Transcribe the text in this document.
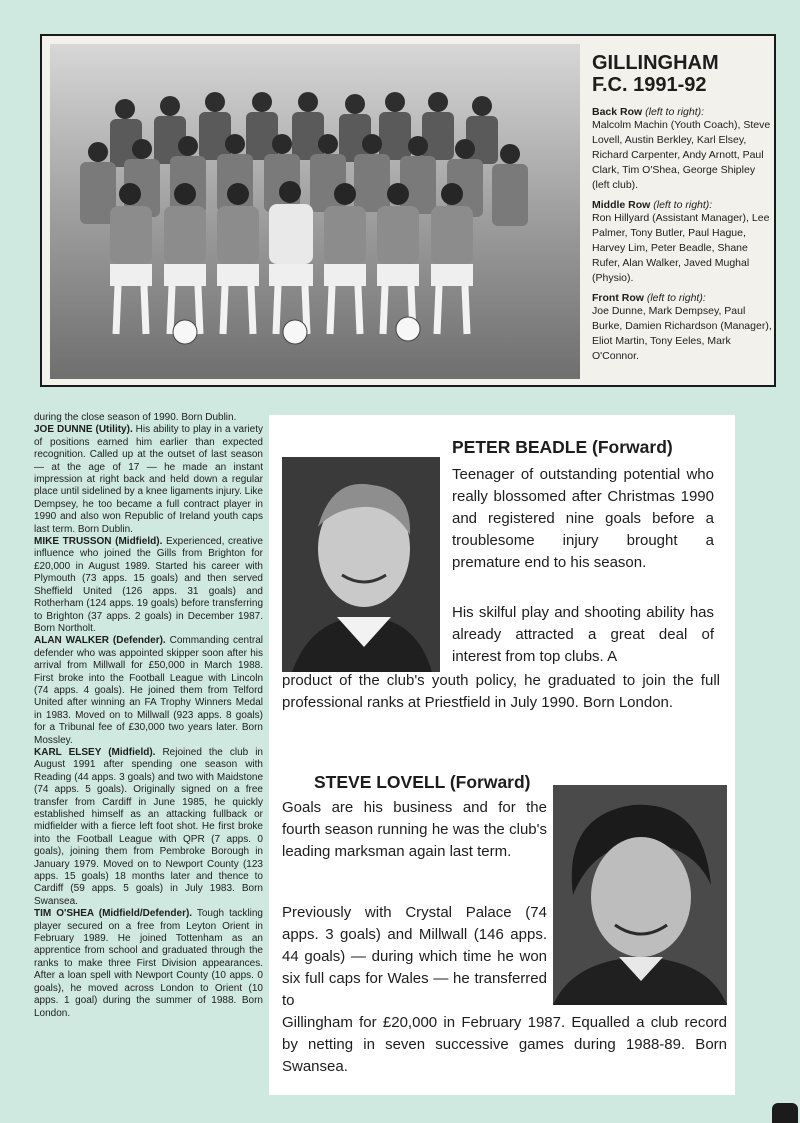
GILLINGHAM
F.C. 1991-92
Back Row (left to right):
Malcolm Machin (Youth Coach), Steve Lovell, Austin Berkley, Karl Elsey, Richard Carpenter, Andy Arnott, Paul Clark, Tim O'Shea, George Shipley (left club).
Middle Row (left to right):
Ron Hillyard (Assistant Manager), Lee Palmer, Tony Butler, Paul Hague, Harvey Lim, Peter Beadle, Shane Rufer, Alan Walker, Javed Mughal (Physio).
Front Row (left to right):
Joe Dunne, Mark Dempsey, Paul Burke, Damien Richardson (Manager), Eliot Martin, Tony Eeles, Mark O'Connor.

during the close season of 1990. Born Dublin.

JOE DUNNE (Utility). His ability to play in a variety of positions earned him earlier than expected recognition. Called up at the outset of last season — at the age of 17 — he made an instant impression at right back and held down a regular place until sidelined by a knee ligaments injury. Like Dempsey, he too became a full contract player in 1990 and also won Republic of Ireland youth caps last term. Born Dublin.

MIKE TRUSSON (Midfield). Experienced, creative influence who joined the Gills from Brighton for £20,000 in August 1989. Started his career with Plymouth (73 apps. 15 goals) and then served Sheffield United (126 apps. 31 goals) and Rotherham (124 apps. 19 goals) before transferring to Brighton (37 apps. 2 goals) in December 1987. Born Northolt.

ALAN WALKER (Defender). Commanding central defender who was appointed skipper soon after his arrival from Millwall for £50,000 in March 1988. First broke into the Football League with Lincoln (74 apps. 4 goals). He joined them from Telford United after winning an FA Trophy Winners Medal in 1983. Moved on to Millwall (923 apps. 8 goals) for a Tribunal fee of £30,000 two years later. Born Mossley.

KARL ELSEY (Midfield). Rejoined the club in August 1991 after spending one season with Reading (44 apps. 3 goals) and two with Maidstone (74 apps. 5 goals). Originally signed on a free transfer from Cardiff in June 1985, he quickly established himself as an attacking fullback or midfielder with a fierce left foot shot. He first broke into the Football League with QPR (7 apps. 0 goals), joining them from Pembroke Borough in January 1979. Moved on to Newport County (123 apps. 15 goals) 18 months later and thence to Cardiff (59 apps. 5 goals) in July 1983. Born Swansea.

TIM O'SHEA (Midfield/Defender). Tough tackling player secured on a free from Leyton Orient in February 1989. He joined Tottenham as an apprentice from school and graduated through the ranks to make three First Division appearances. After a loan spell with Newport County (10 apps. 0 goals), he moved across London to Orient (10 apps. 1 goal) during the summer of 1988. Born London.

PETER BEADLE (Forward)
Teenager of outstanding potential who really blossomed after Christmas 1990 and registered nine goals before a troublesome injury brought a premature end to his season.
His skilful play and shooting ability has already attracted a great deal of interest from top clubs. A
product of the club's youth policy, he graduated to join the full professional ranks at Priestfield in July 1990. Born London.
STEVE LOVELL (Forward)
Goals are his business and for the fourth season running he was the club's leading marksman again last term.
Previously with Crystal Palace (74 apps. 3 goals) and Millwall (146 apps. 44 goals) — during which time he won six full caps for Wales — he transferred to
Gillingham for £20,000 in February 1987. Equalled a club record by netting in seven successive games during 1988-89. Born Swansea.
